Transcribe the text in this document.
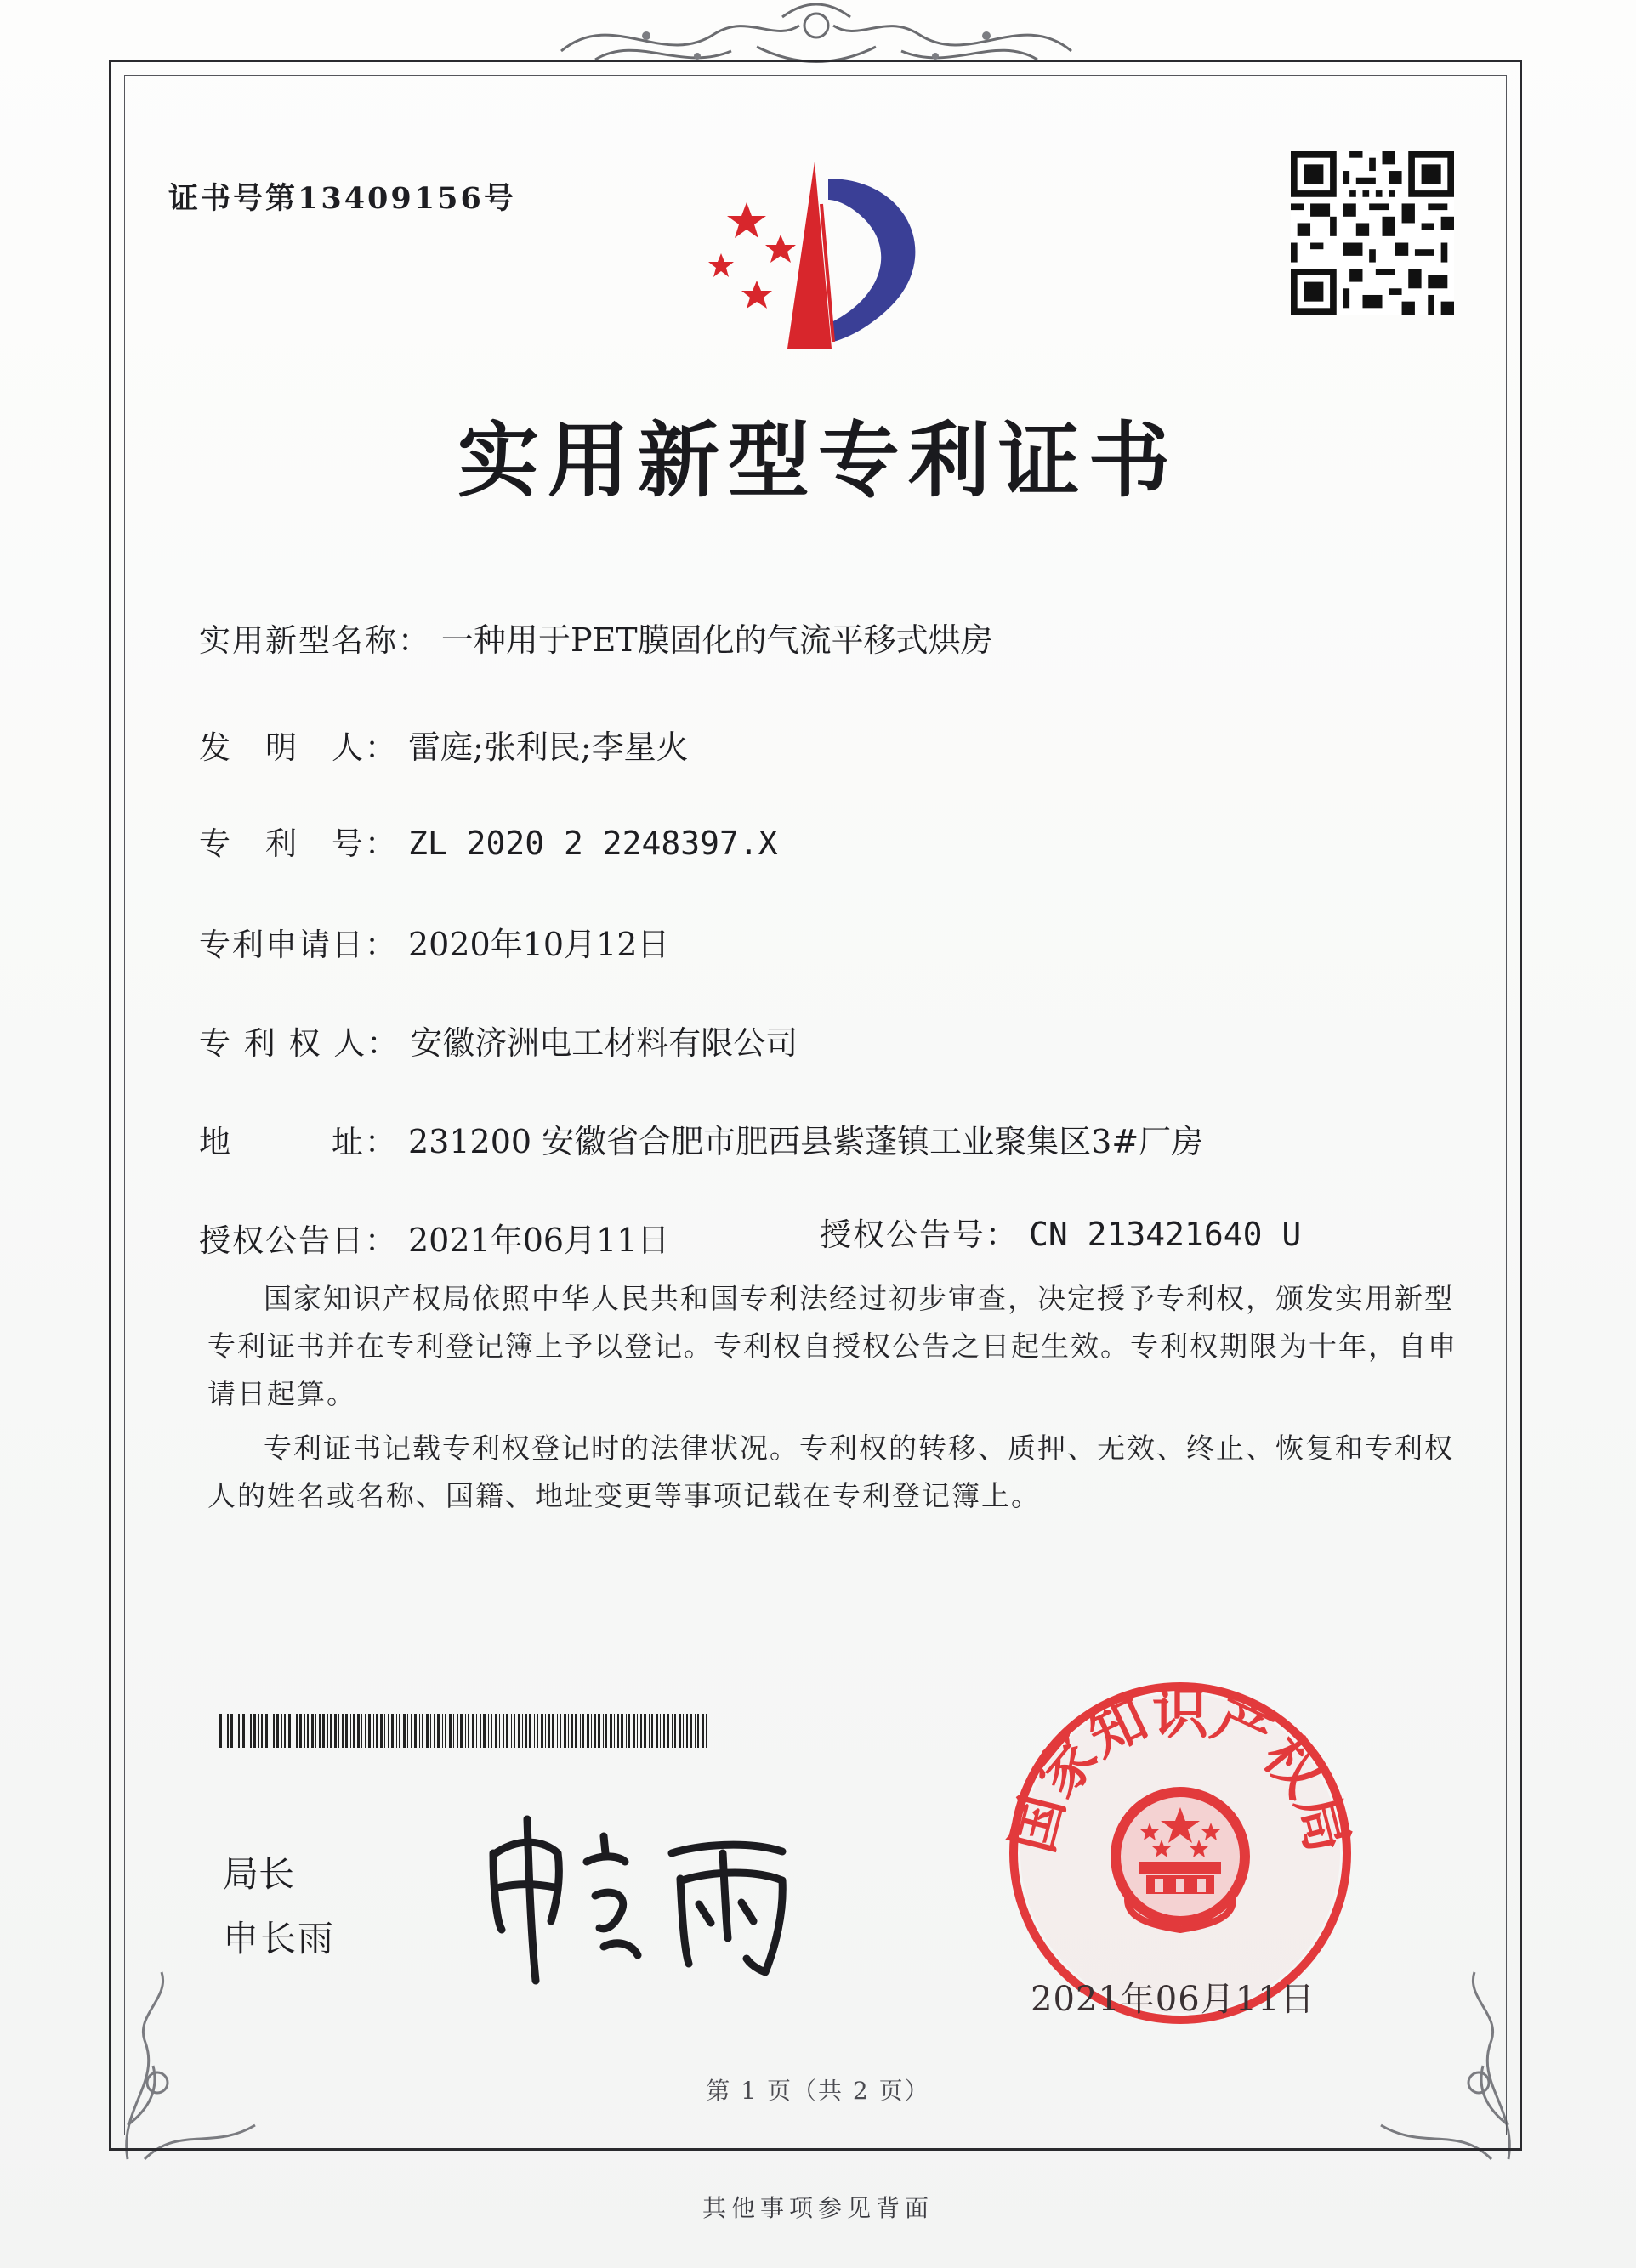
证书号第13409156号
实用新型专利证书
实用新型名称： 一种用于PET膜固化的气流平移式烘房
发　明　人： 雷庭;张利民;李星火
专　利　号： ZL 2020 2 2248397.X
专利申请日： 2020年10月12日
专 利 权 人： 安徽济洲电工材料有限公司
地　　　址： 231200 安徽省合肥市肥西县紫蓬镇工业聚集区3#厂房
授权公告日： 2021年06月11日	授权公告号： CN 213421640 U
国家知识产权局依照中华人民共和国专利法经过初步审查，决定授予专利权，颁发实用新型专利证书并在专利登记簿上予以登记。专利权自授权公告之日起生效。专利权期限为十年，自申请日起算。
专利证书记载专利权登记时的法律状况。专利权的转移、质押、无效、终止、恢复和专利权人的姓名或名称、国籍、地址变更等事项记载在专利登记簿上。
局长
申长雨
国家知识产权局
2021年06月11日
第 1 页（共 2 页）
其他事项参见背面
